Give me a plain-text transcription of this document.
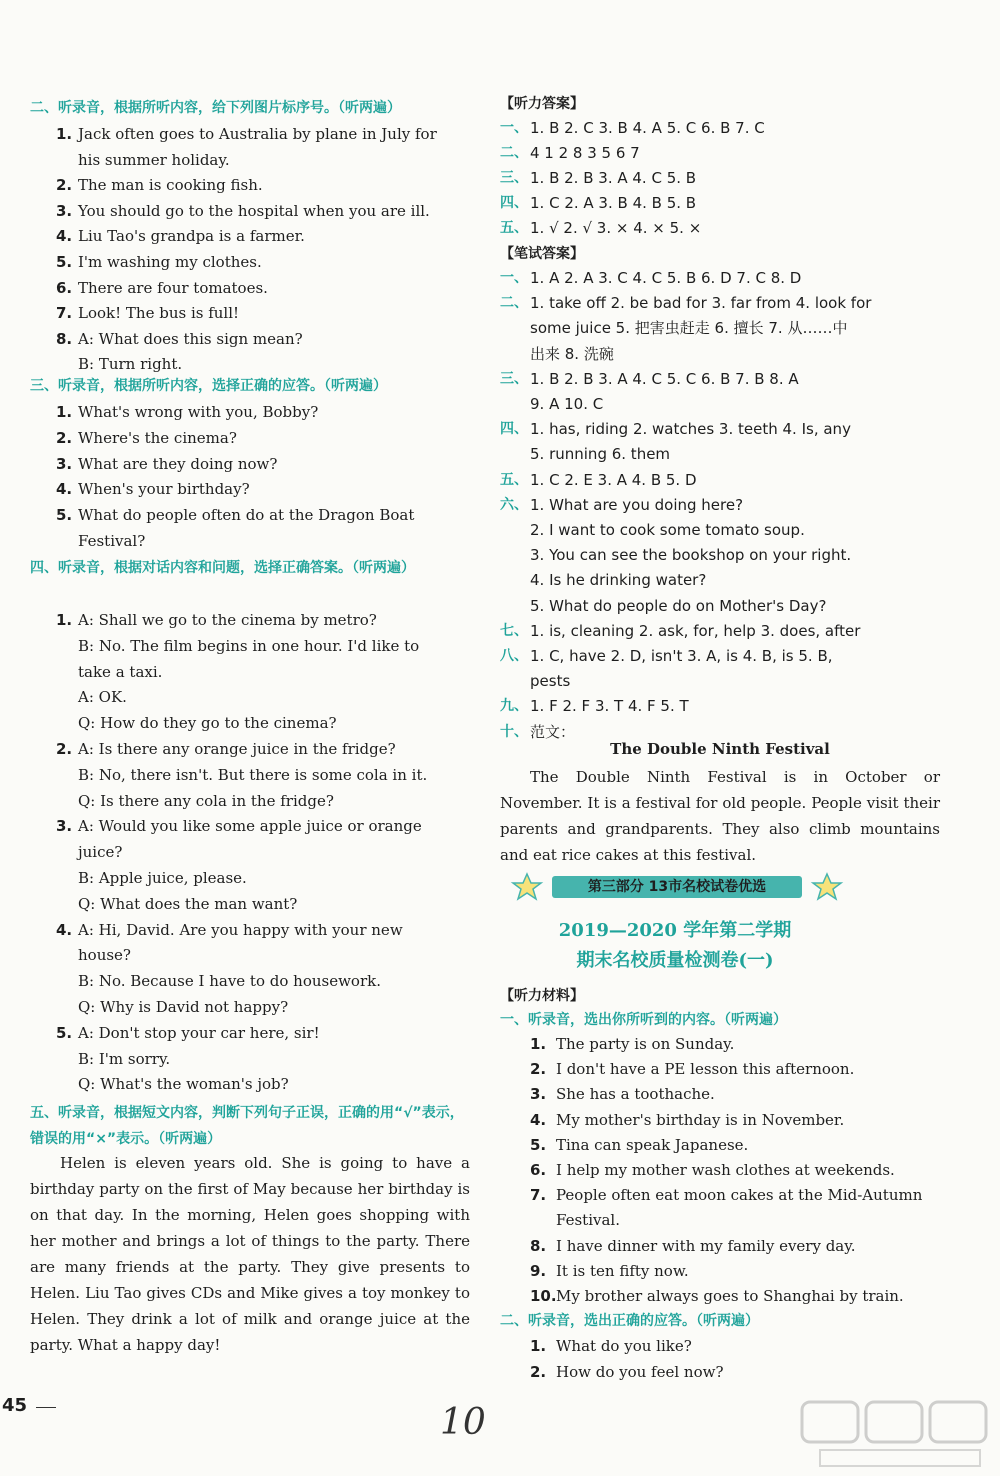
二、听录音，根据所听内容，给下列图片标序号。（听两遍）
1. Jack often goes to Australia by plane in July for
his summer holiday.
2. The man is cooking fish.
3. You should go to the hospital when you are ill.
4. Liu Tao's grandpa is a farmer.
5. I'm washing my clothes.
6. There are four tomatoes.
7. Look! The bus is full!
8. A: What does this sign mean?
B: Turn right.
三、听录音，根据所听内容，选择正确的应答。（听两遍）
1. What's wrong with you, Bobby?
2. Where's the cinema?
3. What are they doing now?
4. When's your birthday?
5. What do people often do at the Dragon Boat
Festival?
四、听录音，根据对话内容和问题，选择正确答案。（听两遍）
1. A: Shall we go to the cinema by metro?
B: No. The film begins in one hour. I'd like to
take a taxi.
A: OK.
Q: How do they go to the cinema?
2. A: Is there any orange juice in the fridge?
B: No, there isn't. But there is some cola in it.
Q: Is there any cola in the fridge?
3. A: Would you like some apple juice or orange
juice?
B: Apple juice, please.
Q: What does the man want?
4. A: Hi, David. Are you happy with your new
house?
B: No. Because I have to do housework.
Q: Why is David not happy?
5. A: Don't stop your car here, sir!
B: I'm sorry.
Q: What's the woman's job?
五、听录音，根据短文内容，判断下列句子正误，正确的用“√”表示，错误的用“×”表示。（听两遍）
Helen is eleven years old. She is going to have a birthday party on the first of May because her birthday is on that day. In the morning, Helen goes shopping with her mother and brings a lot of things to the party. There are many friends at the party. They give presents to Helen. Liu Tao gives CDs and Mike gives a toy monkey to Helen. They drink a lot of milk and orange juice at the party. What a happy day!
【听力答案】
一、 1. B 2. C 3. B 4. A 5. C 6. B 7. C
二、 4 1 2 8 3 5 6 7
三、 1. B 2. B 3. A 4. C 5. B
四、 1. C 2. A 3. B 4. B 5. B
五、 1. √ 2. √ 3. × 4. × 5. ×
【笔试答案】
一、 1. A 2. A 3. C 4. C 5. B 6. D 7. C 8. D
二、 1. take off 2. be bad for 3. far from 4. look for
some juice 5. 把害虫赶走 6. 擅长 7. 从……中
出来 8. 洗碗
三、 1. B 2. B 3. A 4. C 5. C 6. B 7. B 8. A
9. A 10. C
四、 1. has, riding 2. watches 3. teeth 4. Is, any
5. running 6. them
五、 1. C 2. E 3. A 4. B 5. D
六、 1. What are you doing here?
2. I want to cook some tomato soup.
3. You can see the bookshop on your right.
4. Is he drinking water?
5. What do people do on Mother's Day?
七、 1. is, cleaning 2. ask, for, help 3. does, after
八、 1. C, have 2. D, isn't 3. A, is 4. B, is 5. B,
pests
九、 1. F 2. F 3. T 4. F 5. T
十、 范文：
The Double Ninth Festival
The Double Ninth Festival is in October or November. It is a festival for old people. People visit their parents and grandparents. They also climb mountains and eat rice cakes at this festival.
【听力材料】
一、听录音，选出你所听到的内容。（听两遍）
1. The party is on Sunday.
2. I don't have a PE lesson this afternoon.
3. She has a toothache.
4. My mother's birthday is in November.
5. Tina can speak Japanese.
6. I help my mother wash clothes at weekends.
7. People often eat moon cakes at the Mid-Autumn
Festival.
8. I have dinner with my family every day.
9. It is ten fifty now.
10. My brother always goes to Shanghai by train.
二、听录音，选出正确的应答。（听两遍）
1. What do you like?
2. How do you feel now?
第三部分 13市名校试卷优选
2019—2020 学年第二学期
期末名校质量检测卷(一)
45	10
